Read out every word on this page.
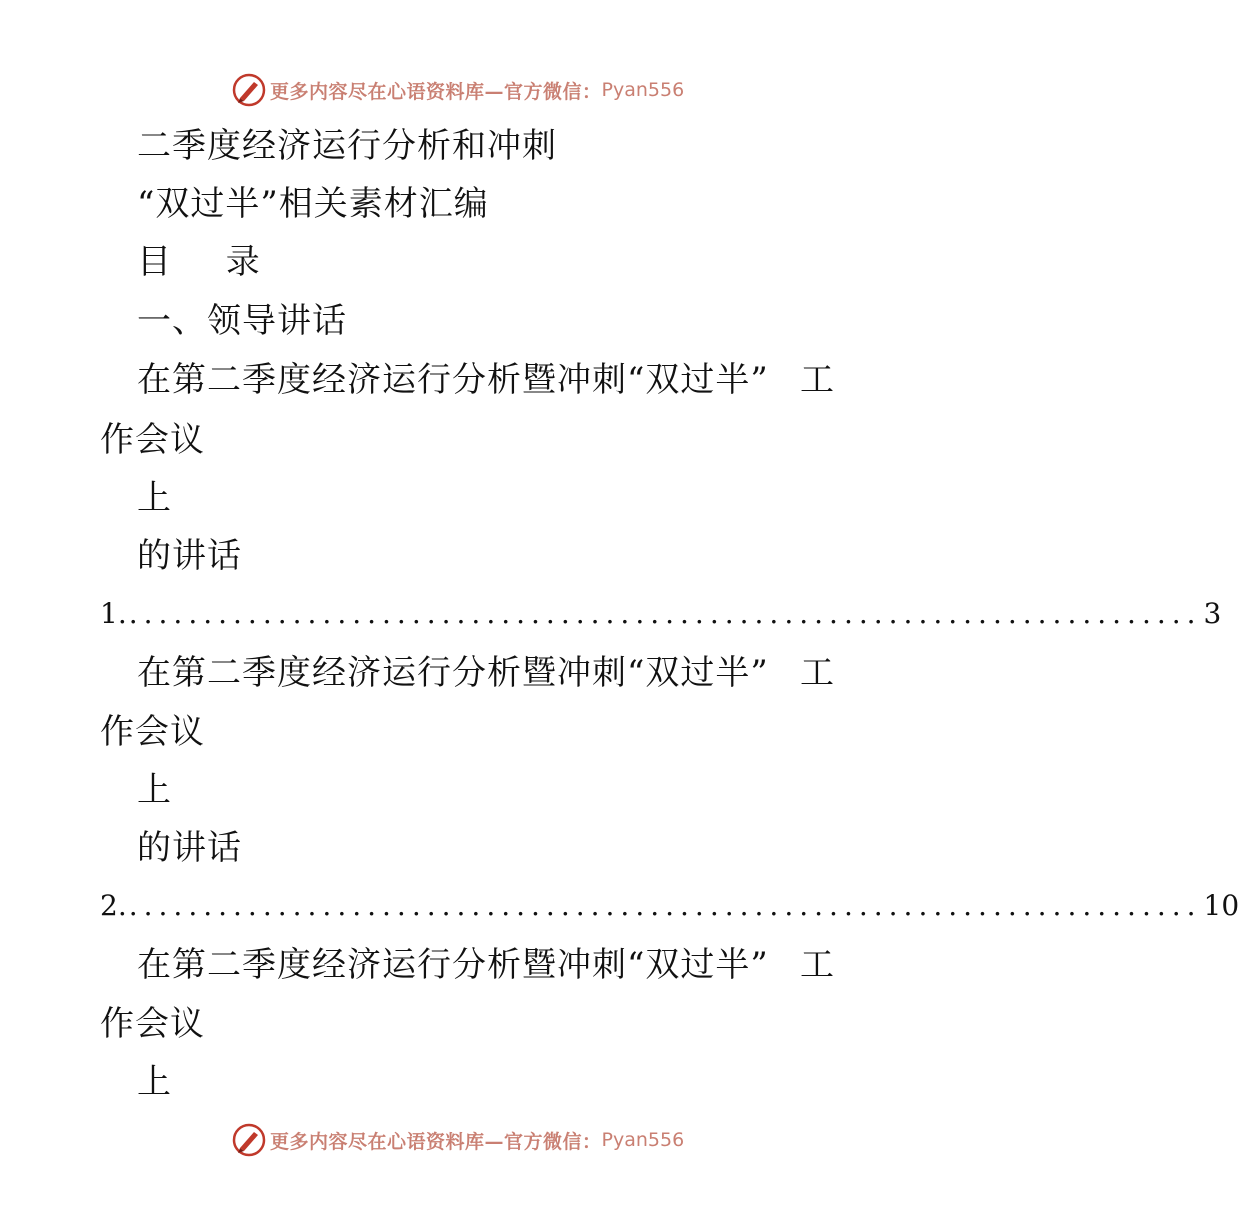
更多内容尽在心语资料库—官方微信： Pyan556
二季度经济运行分析和冲刺
“双过半”相关素材汇编
目 录
一、领导讲话
在第二季度经济运行分析暨冲刺“双过半” 工
作会议
上
的讲话
1. ........................................................................ 3
在第二季度经济运行分析暨冲刺“双过半” 工
作会议
上
的讲话
2. ........................................................................ 10
在第二季度经济运行分析暨冲刺“双过半” 工
作会议
上
更多内容尽在心语资料库—官方微信： Pyan556
